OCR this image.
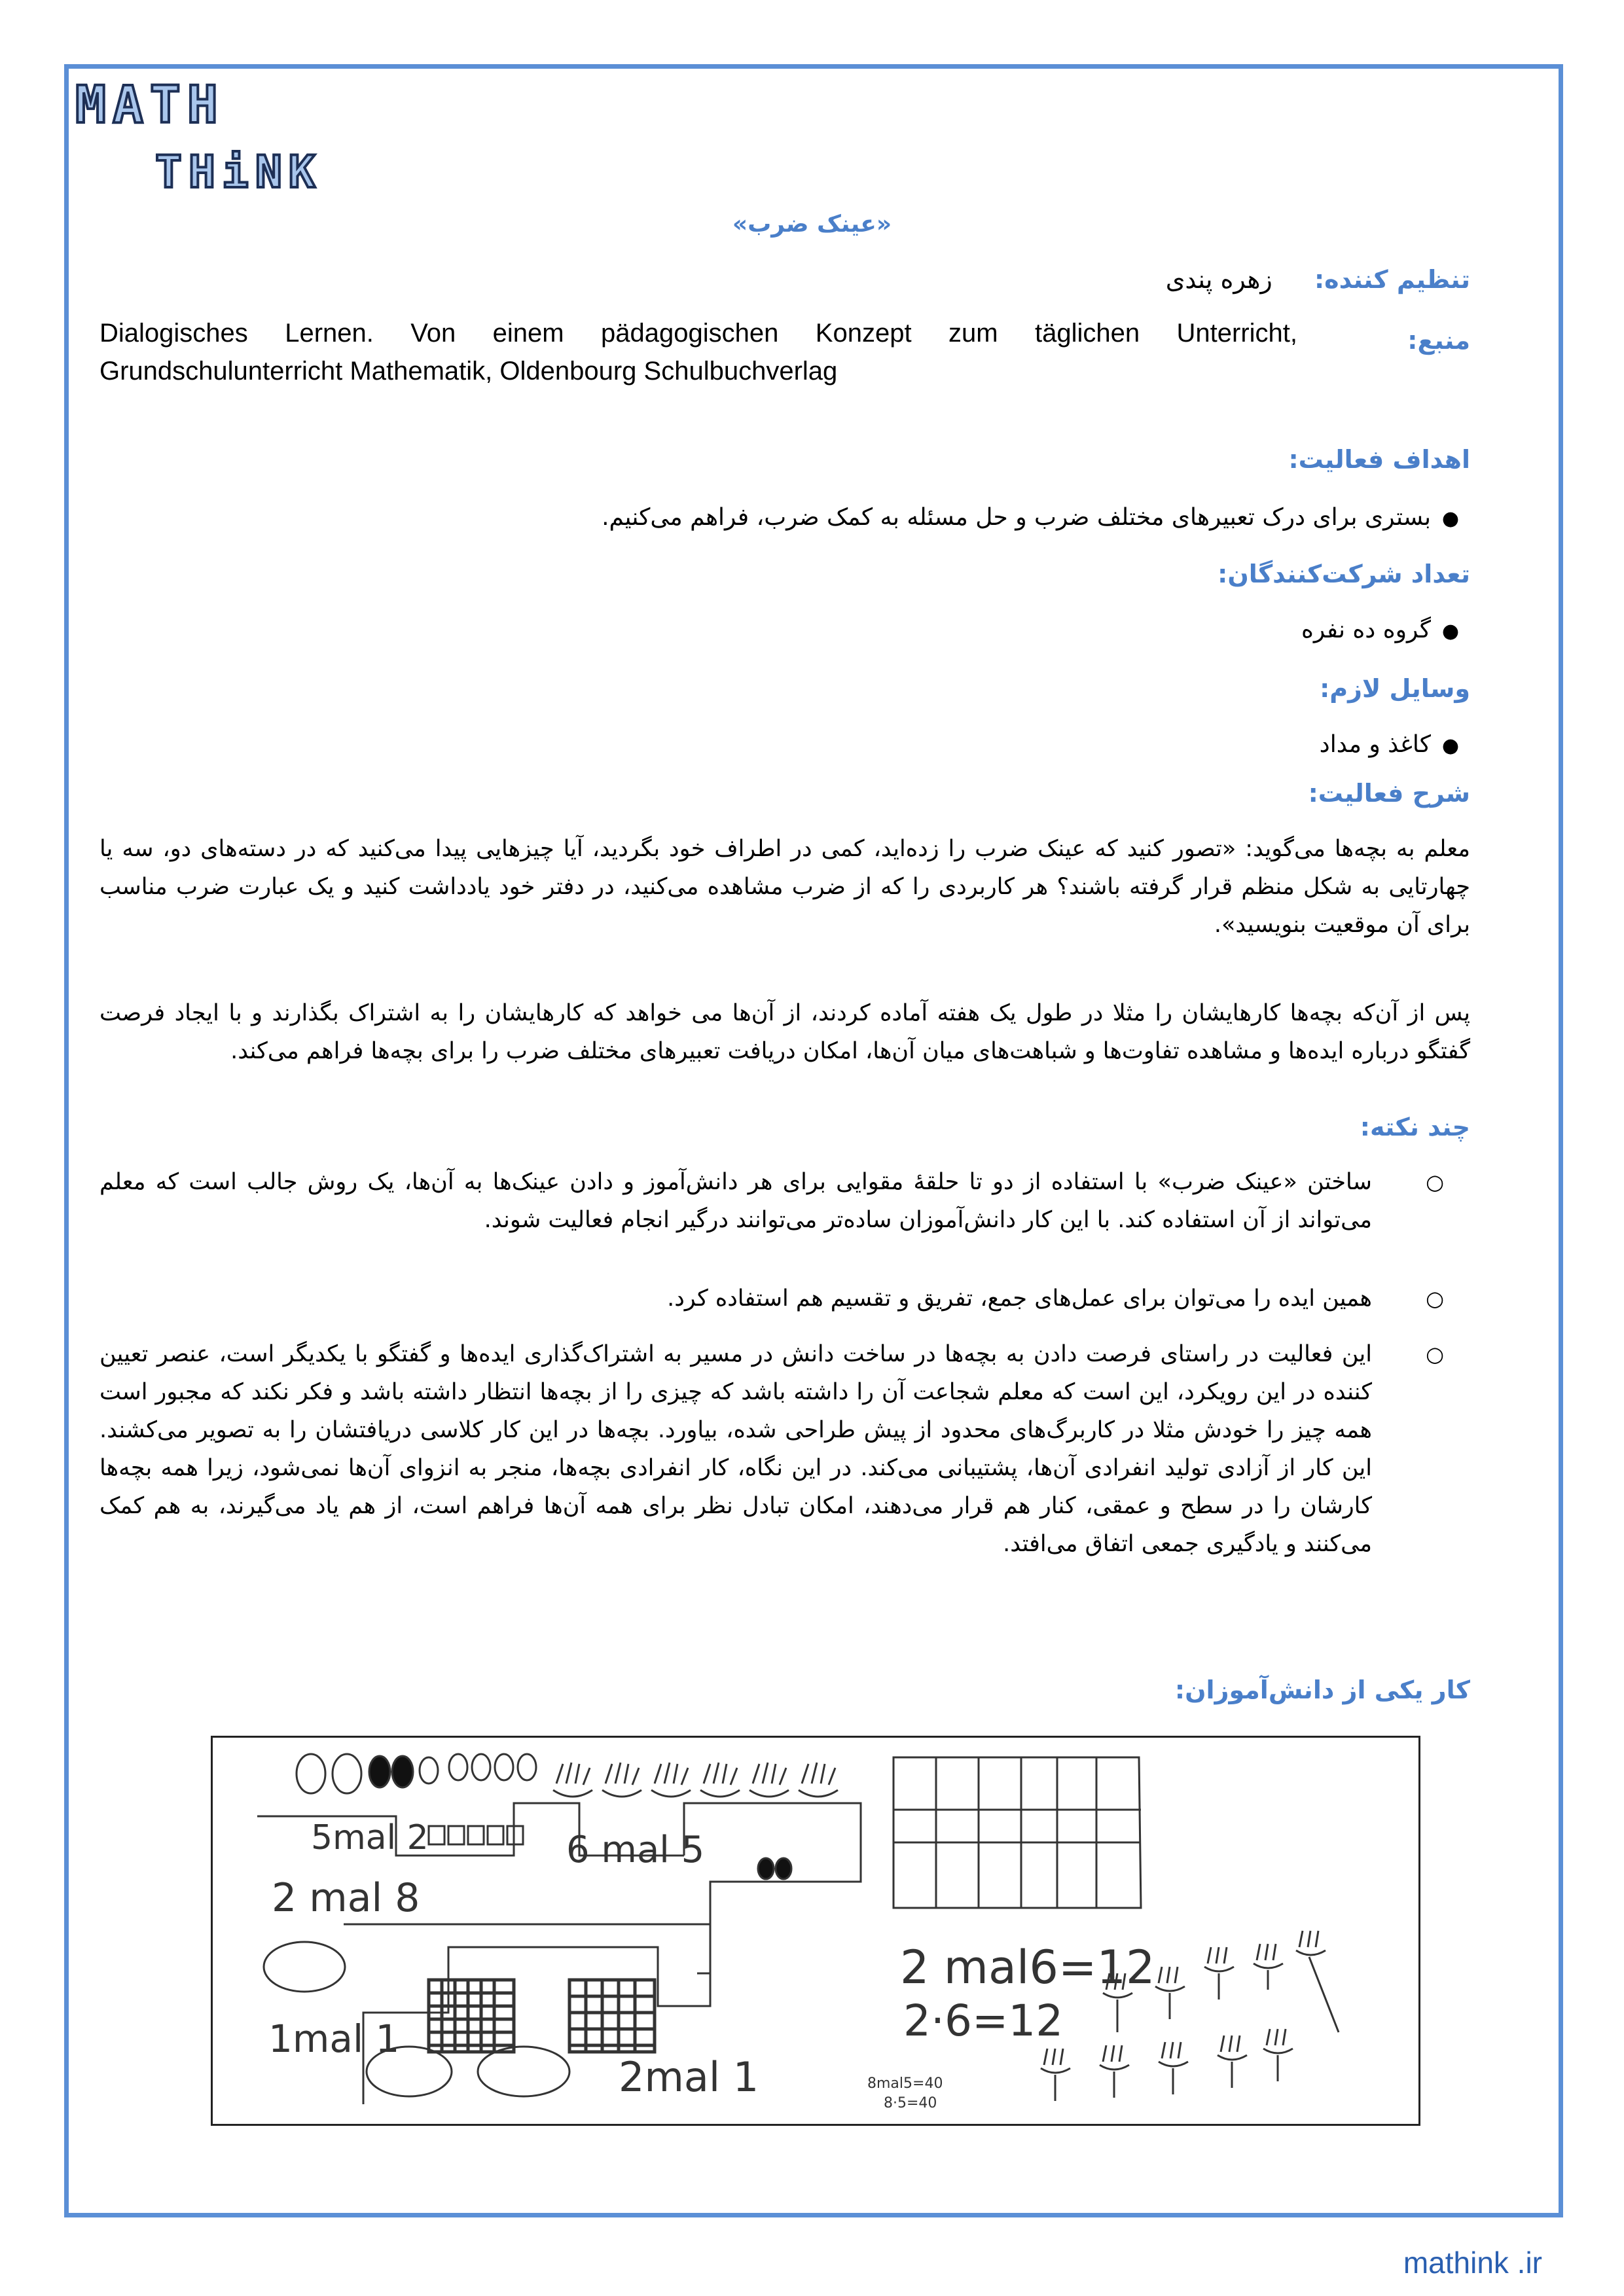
MATH
THiNK
«عینک ضرب»
تنظیم کننده:  زهره پندی
منبع:
Dialogisches Lernen. Von einem pädagogischen Konzept zum täglichen Unterricht, Grundschulunterricht Mathematik, Oldenbourg Schulbuchverlag
اهداف فعالیت:
●بستری برای درک تعبیرهای مختلف ضرب و حل مسئله به کمک ضرب، فراهم می‌کنیم.
تعداد شرکت‌کنندگان:
●گروه ده نفره
وسایل لازم:
●کاغذ و مداد
شرح فعالیت:
معلم به بچه‌ها می‌گوید: «تصور کنید که عینک ضرب را زده‌اید، کمی در اطراف خود بگردید، آیا چیزهایی پیدا می‌کنید که در دسته‌های دو، سه یا چهارتایی به شکل منظم قرار گرفته باشند؟ هر کاربردی را که از ضرب مشاهده می‌کنید، در دفتر خود یادداشت کنید و یک عبارت ضرب مناسب برای آن موقعیت بنویسید».
پس از آن‌که بچه‌ها کارهایشان را مثلا در طول یک هفته آماده کردند، از آن‌ها می خواهد که کارهایشان را به اشتراک بگذارند و با ایجاد فرصت گفتگو درباره ایده‌ها و مشاهده تفاوت‌ها و شباهت‌های میان آن‌ها، امکان دریافت تعبیرهای مختلف ضرب را برای بچه‌ها فراهم می‌کند.
چند نکته:
○
ساختن «عینک ضرب» با استفاده از دو تا حلقهٔ مقوایی برای هر دانش‌آموز و دادن عینک‌ها به آن‌ها، یک روش جالب است که معلم می‌تواند از آن استفاده کند. با این کار دانش‌آموزان ساده‌تر می‌توانند درگیر انجام فعالیت شوند.
○
همین ایده را می‌توان برای عمل‌های جمع، تفریق و تقسیم هم استفاده کرد.
○
این فعالیت در راستای فرصت دادن به بچه‌ها در ساخت دانش در مسیر به اشتراک‌گذاری ایده‌ها و گفتگو با یکدیگر است، عنصر تعیین کننده در این رویکرد، این است که معلم شجاعت آن را داشته باشد که چیزی را از بچه‌ها انتظار داشته باشد و فکر نکند که مجبور است همه چیز را خودش مثلا در کاربرگ‌های محدود از پیش طراحی شده، بیاورد. بچه‌ها در این کار کلاسی دریافتشان را به تصویر می‌کشند. این کار از آزادی تولید انفرادی آن‌ها، پشتیبانی می‌کند. در این نگاه، کار انفرادی بچه‌ها، منجر به انزوای آن‌ها نمی‌شود، زیرا همه بچه‌ها کارشان را در سطح و عمقی، کنار هم قرار می‌دهند، امکان تبادل نظر برای همه آن‌ها فراهم است، از هم یاد می‌گیرند، به هم کمک می‌کنند و یادگیری جمعی اتفاق می‌افتد.
کار یکی از دانش‌آموزان:
5mal 2	6 mal 5
2 mal 8
1mal 1
2mal 1
2 mal6=12
2·6=12
8mal5=40
8·5=40
mathink .ir
